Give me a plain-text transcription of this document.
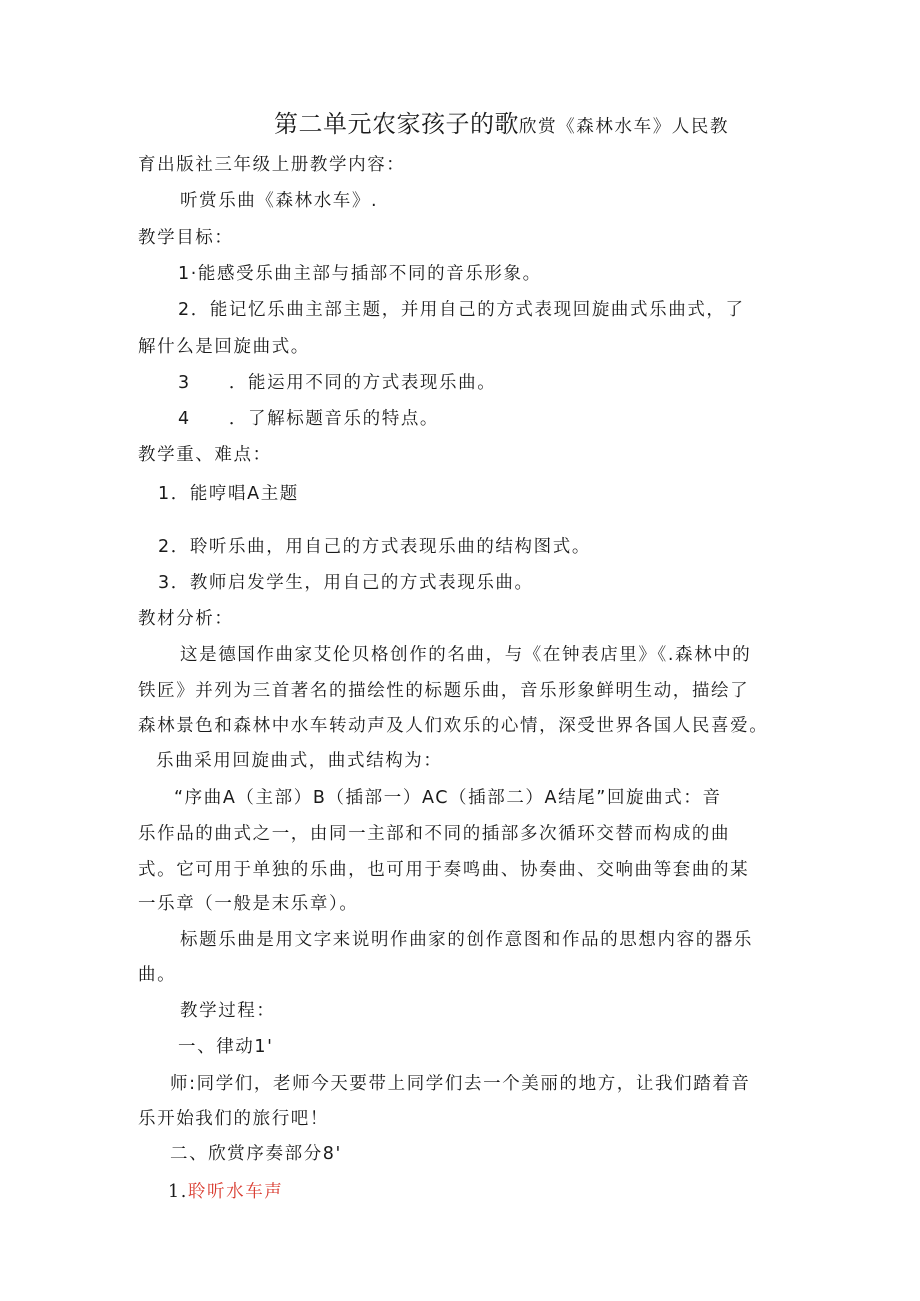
第二单元农家孩子的歌欣赏《森林水车》人民教
育出版社三年级上册教学内容：
听赏乐曲《森林水车》.
教学目标：
1·能感受乐曲主部与插部不同的音乐形象。
2．能记忆乐曲主部主题，并用自己的方式表现回旋曲式乐曲式，了
解什么是回旋曲式。
3　　．能运用不同的方式表现乐曲。
4　　．了解标题音乐的特点。
教学重、难点：
1．能哼唱A主题
2．聆听乐曲，用自己的方式表现乐曲的结构图式。
3．教师启发学生，用自己的方式表现乐曲。
教材分析：
这是德国作曲家艾伦贝格创作的名曲，与《在钟表店里》《.森林中的
铁匠》并列为三首著名的描绘性的标题乐曲，音乐形象鲜明生动，描绘了
森林景色和森林中水车转动声及人们欢乐的心情，深受世界各国人民喜爱。
乐曲采用回旋曲式，曲式结构为：
“序曲A（主部）B（插部一）AC（插部二）A结尾”回旋曲式：音
乐作品的曲式之一，由同一主部和不同的插部多次循环交替而构成的曲
式。它可用于单独的乐曲，也可用于奏鸣曲、协奏曲、交响曲等套曲的某
一乐章（一般是末乐章）。
标题乐曲是用文字来说明作曲家的创作意图和作品的思想内容的器乐
曲。
教学过程：
一、律动1'
师:同学们，老师今天要带上同学们去一个美丽的地方，让我们踏着音
乐开始我们的旅行吧！
二、欣赏序奏部分8'
1.聆听水车声
